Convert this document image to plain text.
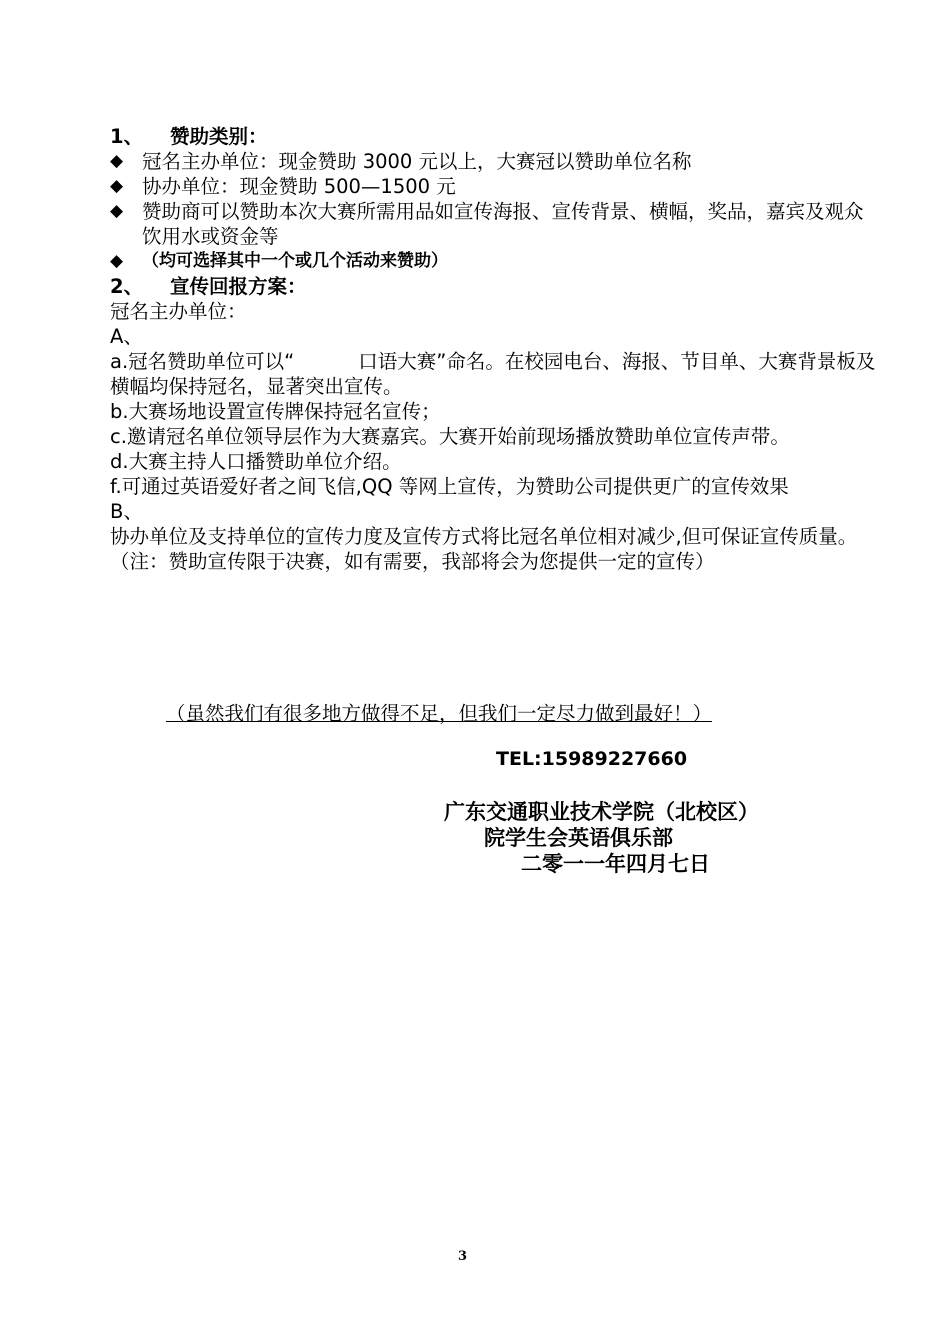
1、	赞助类别：
◆ 冠名主办单位：现金赞助 3000 元以上，大赛冠以赞助单位名称
◆ 协办单位：现金赞助 500—1500 元
◆ 赞助商可以赞助本次大赛所需用品如宣传海报、宣传背景、横幅，奖品，嘉宾及观众饮用水或资金等
◆	（均可选择其中一个或几个活动来赞助）
2、	宣传回报方案：
冠名主办单位：
A、
a.冠名赞助单位可以“	口语大赛”命名。在校园电台、海报、节目单、大赛背景板及横幅均保持冠名，显著突出宣传。
b.大赛场地设置宣传牌保持冠名宣传；
c.邀请冠名单位领导层作为大赛嘉宾。大赛开始前现场播放赞助单位宣传声带。
d.大赛主持人口播赞助单位介绍。
f.可通过英语爱好者之间飞信,QQ 等网上宣传，为赞助公司提供更广的宣传效果
B、
协办单位及支持单位的宣传力度及宣传方式将比冠名单位相对减少,但可保证宣传质量。
（注：赞助宣传限于决赛，如有需要，我部将会为您提供一定的宣传）
（虽然我们有很多地方做得不足，但我们一定尽力做到最好！）
TEL:15989227660
广东交通职业技术学院（北校区）
院学生会英语俱乐部
二零一一年四月七日
3
